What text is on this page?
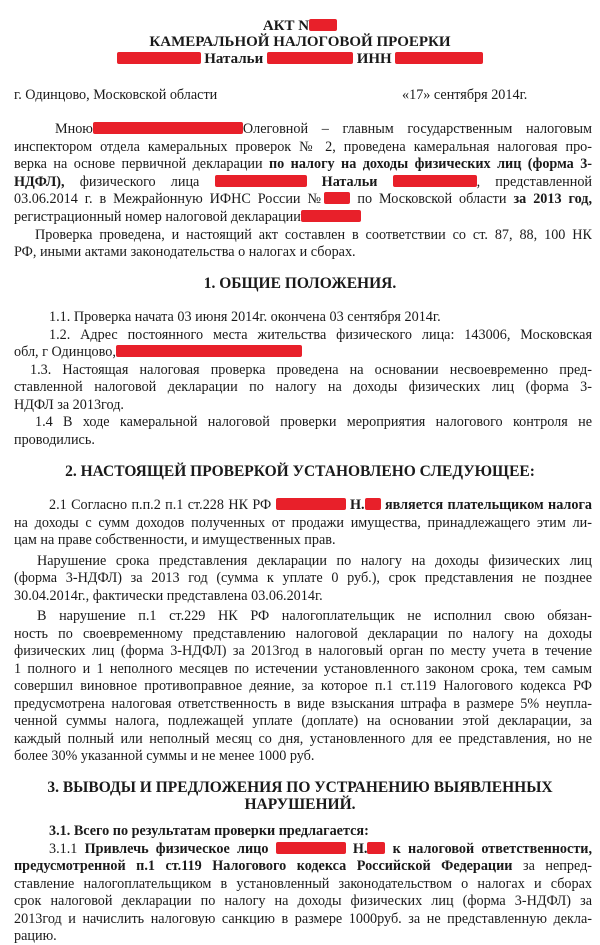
АКТ N
КАМЕРАЛЬНОЙ НАЛОГОВОЙ ПРОЕРКИ
Натальи	ИНН
г. Одинцово, Московской области	«17» сентября 2014г.
Мною	Олеговной – главным государственным налоговым
инспектором отдела камеральных проверок № 2, проведена камеральная налоговая про-
верка на основе первичной декларации по налогу на доходы физических лиц (форма 3-
НДФЛ), физического лица	Натальи	, представленной
03.06.2014 г. в Межрайонную ИФНС России № по Московской области за 2013 год,
регистрационный номер налоговой декларации
Проверка проведена, и настоящий акт составлен в соответствии со ст. 87, 88, 100 НК
РФ, иными актами законодательства о налогах и сборах.
1. ОБЩИЕ ПОЛОЖЕНИЯ.
1.1. Проверка начата 03 июня 2014г. окончена 03 сентября 2014г.
1.2. Адрес постоянного места жительства физического лица: 143006, Московская
обл, г Одинцово,
1.3. Настоящая налоговая проверка проведена на основании несвоевременно пред-
ставленной налоговой декларации по налогу на доходы физических лиц (форма 3-
НДФЛ за 2013год.
1.4 В ходе камеральной налоговой проверки мероприятия налогового контроля не
проводились.
2. НАСТОЯЩЕЙ ПРОВЕРКОЙ УСТАНОВЛЕНО СЛЕДУЮЩЕЕ:
2.1 Согласно п.п.2 п.1 ст.228 НК РФ	Н. является плательщиком налога
на доходы с сумм доходов полученных от продажи имущества, принадлежащего этим ли-
цам на праве собственности, и имущественных прав.
Нарушение срока представления декларации по налогу на доходы физических лиц
(форма 3-НДФЛ) за 2013 год (сумма к уплате 0 руб.), срок представления не позднее
30.04.2014г., фактически представлена 03.06.2014г.
В нарушение п.1 ст.229 НК РФ налогоплательщик не исполнил свою обязан-
ность по своевременному представлению налоговой декларации по налогу на доходы
физических лиц (форма 3-НДФЛ) за 2013год в налоговый орган по месту учета в течение
1 полного и 1 неполного месяцев по истечении установленного законом срока, тем самым
совершил виновное противоправное деяние, за которое п.1 ст.119 Налогового кодекса РФ
предусмотрена налоговая ответственность в виде взыскания штрафа в размере 5% неупла-
ченной суммы налога, подлежащей уплате (доплате) на основании этой декларации, за
каждый полный или неполный месяц со дня, установленного для ее представления, но не
более 30% указанной суммы и не менее 1000 руб.
3. ВЫВОДЫ И ПРЕДЛОЖЕНИЯ ПО УСТРАНЕНИЮ ВЫЯВЛЕННЫХ
НАРУШЕНИЙ.
3.1. Всего по результатам проверки предлагается:
3.1.1 Привлечь физическое лицо	Н. к налоговой ответственности,
предусмотренной п.1 ст.119 Налогового кодекса Российской Федерации за непред-
ставление налогоплательщиком в установленный законодательством о налогах и сборах
срок налоговой декларации по налогу на доходы физических лиц (форма 3-НДФЛ) за
2013год и начислить налоговую санкцию в размере 1000руб. за не представленную декла-
рацию.
